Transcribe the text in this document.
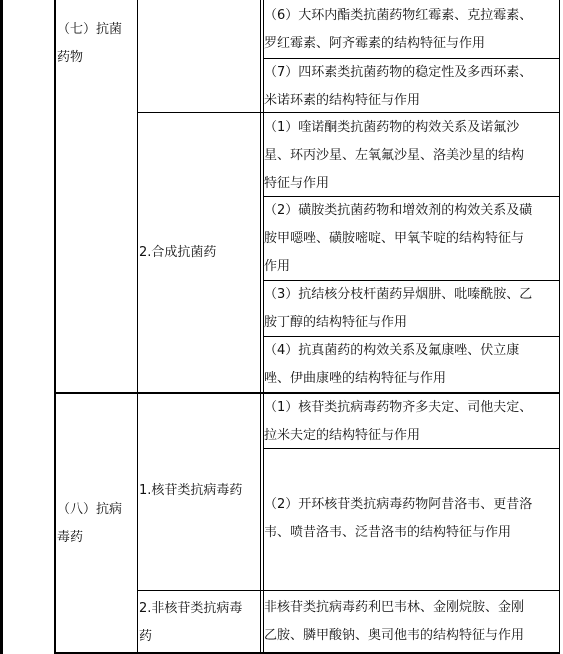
（七）抗菌
药物
（八）抗病
毒药
2.合成抗菌药
1.核苷类抗病毒药
2.非核苷类抗病毒
药
（6）大环内酯类抗菌药物红霉素、克拉霉素、
罗红霉素、阿齐霉素的结构特征与作用
（7）四环素类抗菌药物的稳定性及多西环素、
米诺环素的结构特征与作用
（1）喹诺酮类抗菌药物的构效关系及诺氟沙
星、环丙沙星、左氧氟沙星、洛美沙星的结构
特征与作用
（2）磺胺类抗菌药物和增效剂的构效关系及磺
胺甲噁唑、磺胺嘧啶、甲氧苄啶的结构特征与
作用
（3）抗结核分枝杆菌药异烟肼、吡嗪酰胺、乙
胺丁醇的结构特征与作用
（4）抗真菌药的构效关系及氟康唑、伏立康
唑、伊曲康唑的结构特征与作用
（1）核苷类抗病毒药物齐多夫定、司他夫定、
拉米夫定的结构特征与作用
（2）开环核苷类抗病毒药物阿昔洛韦、更昔洛
韦、喷昔洛韦、泛昔洛韦的结构特征与作用
非核苷类抗病毒药利巴韦林、金刚烷胺、金刚
乙胺、膦甲酸钠、奥司他韦的结构特征与作用
